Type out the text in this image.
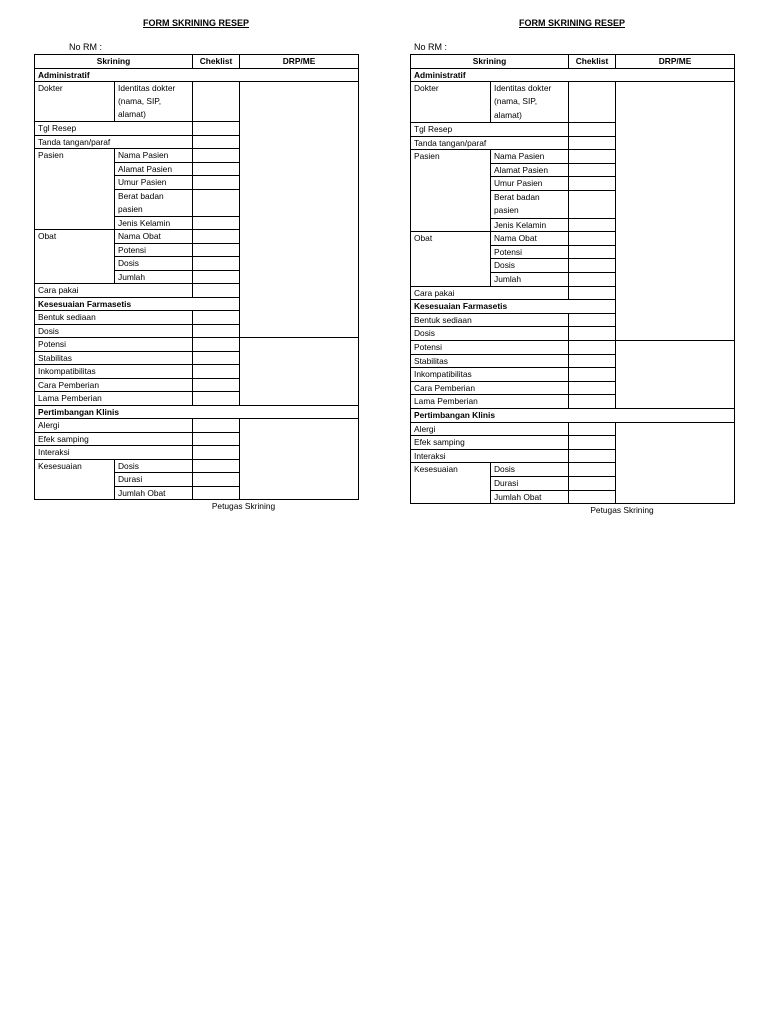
FORM SKRINING RESEP
No RM :
Skrining		Cheklist	DRP/ME	
Administratif				
Dokter	Identitas dokter (nama, SIP, alamat)			
Tgl Resep				
Tanda tangan/paraf				
Pasien	Nama Pasien			
	Alamat Pasien			
	Umur Pasien			
	Berat badan pasien			
	Jenis Kelamin			
Obat	Nama Obat			
	Potensi			
	Dosis			
	Jumlah			
Cara pakai				
Kesesuaian Farmasetis				
Bentuk sediaan				
Dosis				
Potensi				
Stabilitas				
Inkompatibilitas				
Cara Pemberian				
Lama Pemberian				
Pertimbangan Klinis				
Alergi				
Efek samping				
Interaksi				
Kesesuaian	Dosis			
	Durasi			
	Jumlah Obat			
Petugas Skrining
FORM SKRINING RESEP
No RM :
Skrining		Cheklist	DRP/ME	
Administratif				
Dokter	Identitas dokter (nama, SIP, alamat)			
Tgl Resep				
Tanda tangan/paraf				
Pasien	Nama Pasien			
	Alamat Pasien			
	Umur Pasien			
	Berat badan pasien			
	Jenis Kelamin			
Obat	Nama Obat			
	Potensi			
	Dosis			
	Jumlah			
Cara pakai				
Kesesuaian Farmasetis				
Bentuk sediaan				
Dosis				
Potensi				
Stabilitas				
Inkompatibilitas				
Cara Pemberian				
Lama Pemberian				
Pertimbangan Klinis				
Alergi				
Efek samping				
Interaksi				
Kesesuaian	Dosis			
	Durasi			
	Jumlah Obat			
Petugas Skrining
